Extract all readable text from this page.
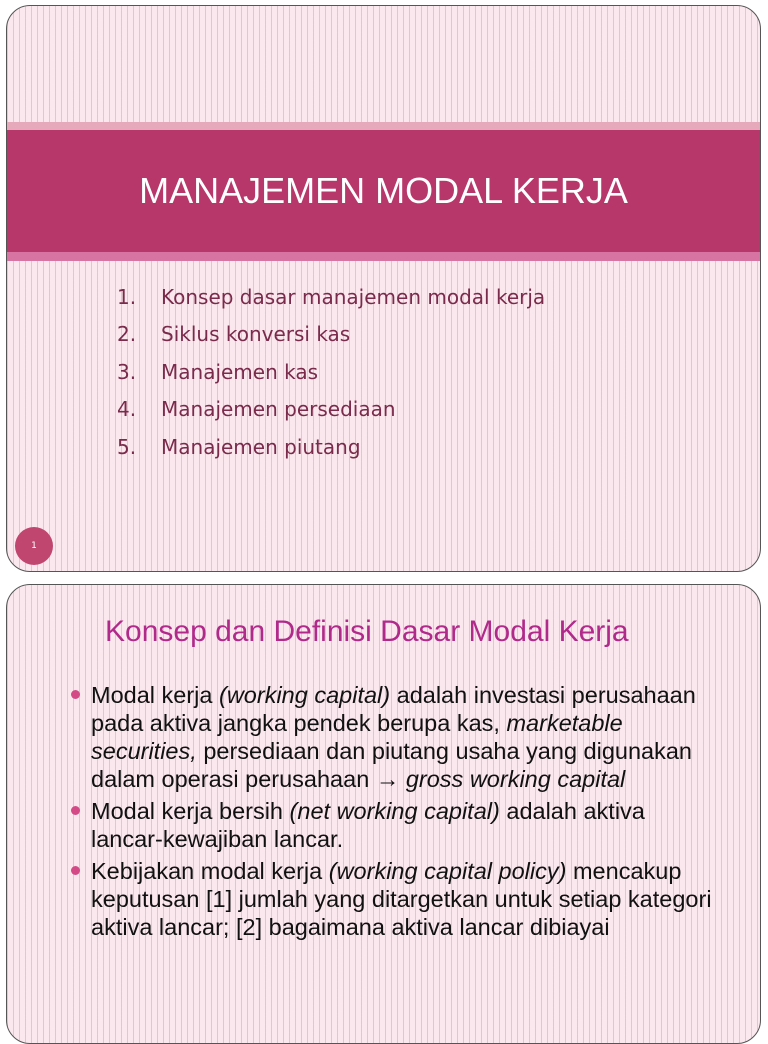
MANAJEMEN MODAL KERJA
1.	Konsep dasar manajemen modal kerja
2.	Siklus konversi kas
3.	Manajemen kas
4.	Manajemen persediaan
5.	Manajemen piutang
1
Konsep dan Definisi Dasar Modal Kerja
Modal kerja (working capital) adalah investasi perusahaan pada aktiva jangka pendek berupa kas, marketable securities, persediaan dan piutang usaha yang digunakan dalam operasi perusahaan → gross working capital
Modal kerja bersih (net working capital) adalah aktiva lancar-kewajiban lancar.
Kebijakan modal kerja (working capital policy) mencakup keputusan [1] jumlah yang ditargetkan untuk setiap kategori aktiva lancar; [2] bagaimana aktiva lancar dibiayai
